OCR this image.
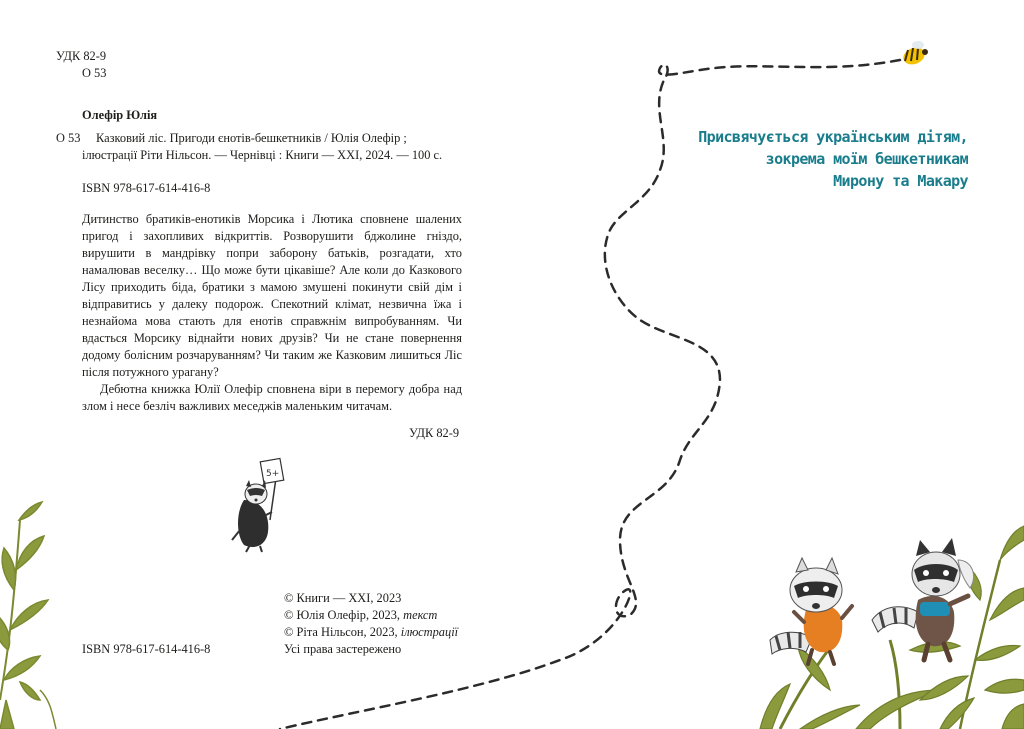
УДК 82-9
О 53
Олефір Юлія
О 53 Казковий ліс. Пригоди єнотів-бешкетників / Юлія Олефір ;
ілюстрації Ріти Нільсон. — Чернівці : Книги — ХХІ, 2024. — 100 с.
ISBN 978-617-614-416-8

Дитинство братиків-енотиків Морсика і Лютика сповнене шалених пригод і захопливих відкриттів. Розворушити бджолине гніздо, вирушити в мандрівку попри заборону батьків, розгадати, хто намалював веселку… Що може бути цікавіше? Але коли до Казкового Лісу приходить біда, братики з мамою змушені покинути свій дім і відправитись у далеку подорож. Спекотний клімат, незвична їжа і незнайома мова стають для енотів справжнім випробуванням. Чи вдасться Морсику віднайти нових друзів? Чи не стане повернення додому болісним розчаруванням? Чи таким же Казковим лишиться Ліс після потужного урагану?

Дебютна книжка Юлії Олефір сповнена віри в перемогу добра над злом і несе безліч важливих меседжів маленьким читачам.

УДК 82-9
© Книги — ХХІ, 2023
© Юлія Олефір, 2023, текст
© Ріта Нільсон, 2023, ілюстрації
ISBN 978-617-614-416-8	Усі права застережено
5+
Присвячується українським дітям,
зокрема моїм бешкетникам
Мирону та Макару
